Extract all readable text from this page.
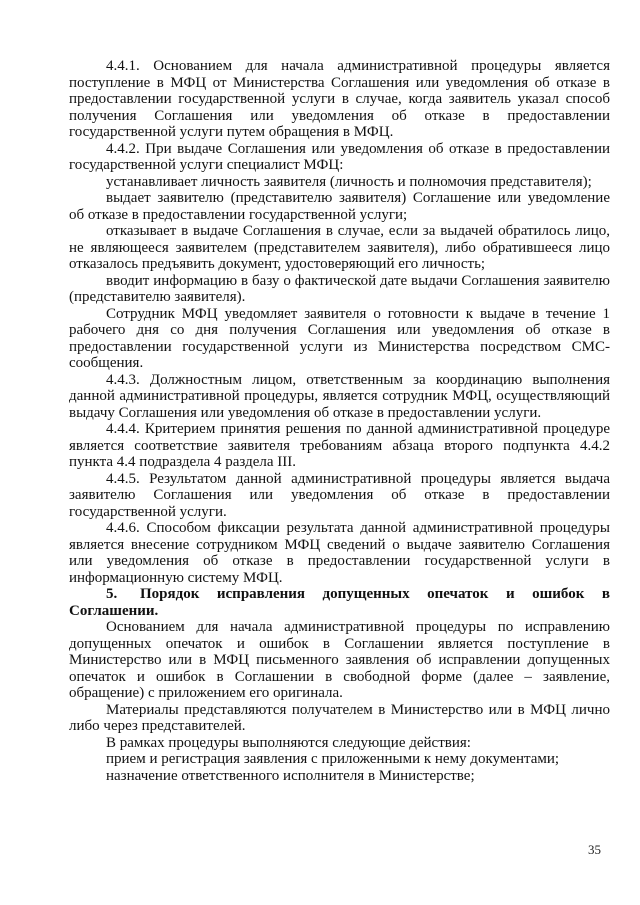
4.4.1. Основанием для начала административной процедуры является поступление в МФЦ от Министерства Соглашения или уведомления об отказе в предоставлении государственной услуги в случае, когда заявитель указал способ получения Соглашения или уведомления об отказе в предоставлении государственной услуги путем обращения в МФЦ.

4.4.2. При выдаче Соглашения или уведомления об отказе в предоставлении государственной услуги специалист МФЦ:

устанавливает личность заявителя (личность и полномочия представителя);

выдает заявителю (представителю заявителя) Соглашение или уведомление об отказе в предоставлении государственной услуги;

отказывает в выдаче Соглашения в случае, если за выдачей обратилось лицо, не являющееся заявителем (представителем заявителя), либо обратившееся лицо отказалось предъявить документ, удостоверяющий его личность;

вводит информацию в базу о фактической дате выдачи Соглашения заявителю (представителю заявителя).

Сотрудник МФЦ уведомляет заявителя о готовности к выдаче в течение 1 рабочего дня со дня получения Соглашения или уведомления об отказе в предоставлении государственной услуги из Министерства посредством СМС-сообщения.

4.4.3. Должностным лицом, ответственным за координацию выполнения данной административной процедуры, является сотрудник МФЦ, осуществляющий выдачу Соглашения или уведомления об отказе в предоставлении услуги.

4.4.4. Критерием принятия решения по данной административной процедуре является соответствие заявителя требованиям абзаца второго подпункта 4.4.2 пункта 4.4 подраздела 4 раздела III.

4.4.5. Результатом данной административной процедуры является выдача заявителю Соглашения или уведомления об отказе в предоставлении государственной услуги.

4.4.6. Способом фиксации результата данной административной процедуры является внесение сотрудником МФЦ сведений о выдаче заявителю Соглашения или уведомления об отказе в предоставлении государственной услуги в информационную систему МФЦ.

5. Порядок исправления допущенных опечаток и ошибок в Соглашении.

Основанием для начала административной процедуры по исправлению допущенных опечаток и ошибок в Соглашении является поступление в Министерство или в МФЦ письменного заявления об исправлении допущенных опечаток и ошибок в Соглашении в свободной форме (далее – заявление, обращение) с приложением его оригинала.

Материалы представляются получателем в Министерство или в МФЦ лично либо через представителей.

В рамках процедуры выполняются следующие действия:

прием и регистрация заявления с приложенными к нему документами;

назначение ответственного исполнителя в Министерстве;

35
